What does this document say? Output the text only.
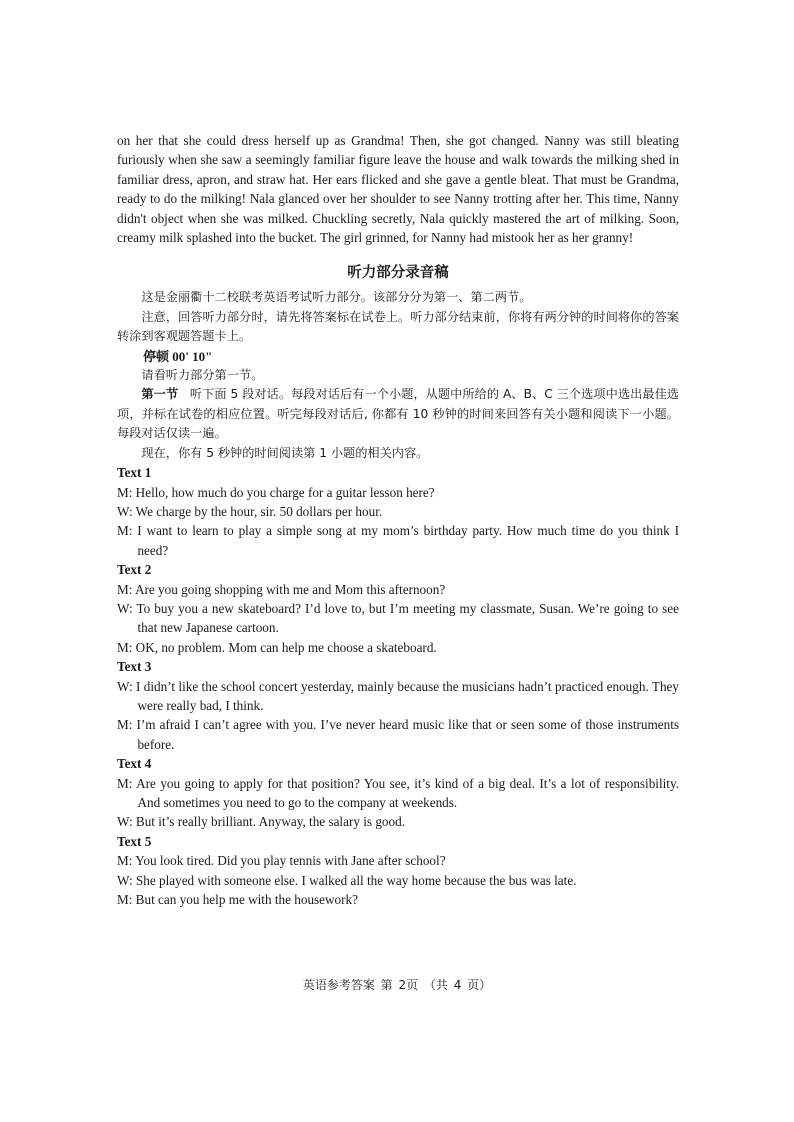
on her that she could dress herself up as Grandma! Then, she got changed. Nanny was still bleating furiously when she saw a seemingly familiar figure leave the house and walk towards the milking shed in familiar dress, apron, and straw hat. Her ears flicked and she gave a gentle bleat. That must be Grandma, ready to do the milking! Nala glanced over her shoulder to see Nanny trotting after her. This time, Nanny didn't object when she was milked. Chuckling secretly, Nala quickly mastered the art of milking. Soon, creamy milk splashed into the bucket. The girl grinned, for Nanny had mistook her as her granny!

听力部分录音稿

这是金丽衢十二校联考英语考试听力部分。该部分分为第一、第二两节。

注意，回答听力部分时，请先将答案标在试卷上。听力部分结束前，你将有两分钟的时间将你的答案转涂到客观题答题卡上。

停顿 00' 10"

请看听力部分第一节。

第一节 听下面 5 段对话。每段对话后有一个小题，从题中所给的 A、B、C 三个选项中选出最佳选项，并标在试卷的相应位置。听完每段对话后, 你都有 10 秒钟的时间来回答有关小题和阅读下一小题。每段对话仅读一遍。

现在，你有 5 秒钟的时间阅读第 1 小题的相关内容。

Text 1

M: Hello, how much do you charge for a guitar lesson here?

W: We charge by the hour, sir. 50 dollars per hour.

M: I want to learn to play a simple song at my mom’s birthday party. How much time do you think I need?

Text 2

M: Are you going shopping with me and Mom this afternoon?

W: To buy you a new skateboard? I’d love to, but I’m meeting my classmate, Susan. We’re going to see that new Japanese cartoon.

M: OK, no problem. Mom can help me choose a skateboard.

Text 3

W: I didn’t like the school concert yesterday, mainly because the musicians hadn’t practiced enough. They were really bad, I think.

M: I’m afraid I can’t agree with you. I’ve never heard music like that or seen some of those instruments before.

Text 4

M: Are you going to apply for that position? You see, it’s kind of a big deal. It’s a lot of responsibility. And sometimes you need to go to the company at weekends.

W: But it’s really brilliant. Anyway, the salary is good.

Text 5

M: You look tired. Did you play tennis with Jane after school?

W: She played with someone else. I walked all the way home because the bus was late.

M: But can you help me with the housework?

英语参考答案 第 2页 （共 4 页）
